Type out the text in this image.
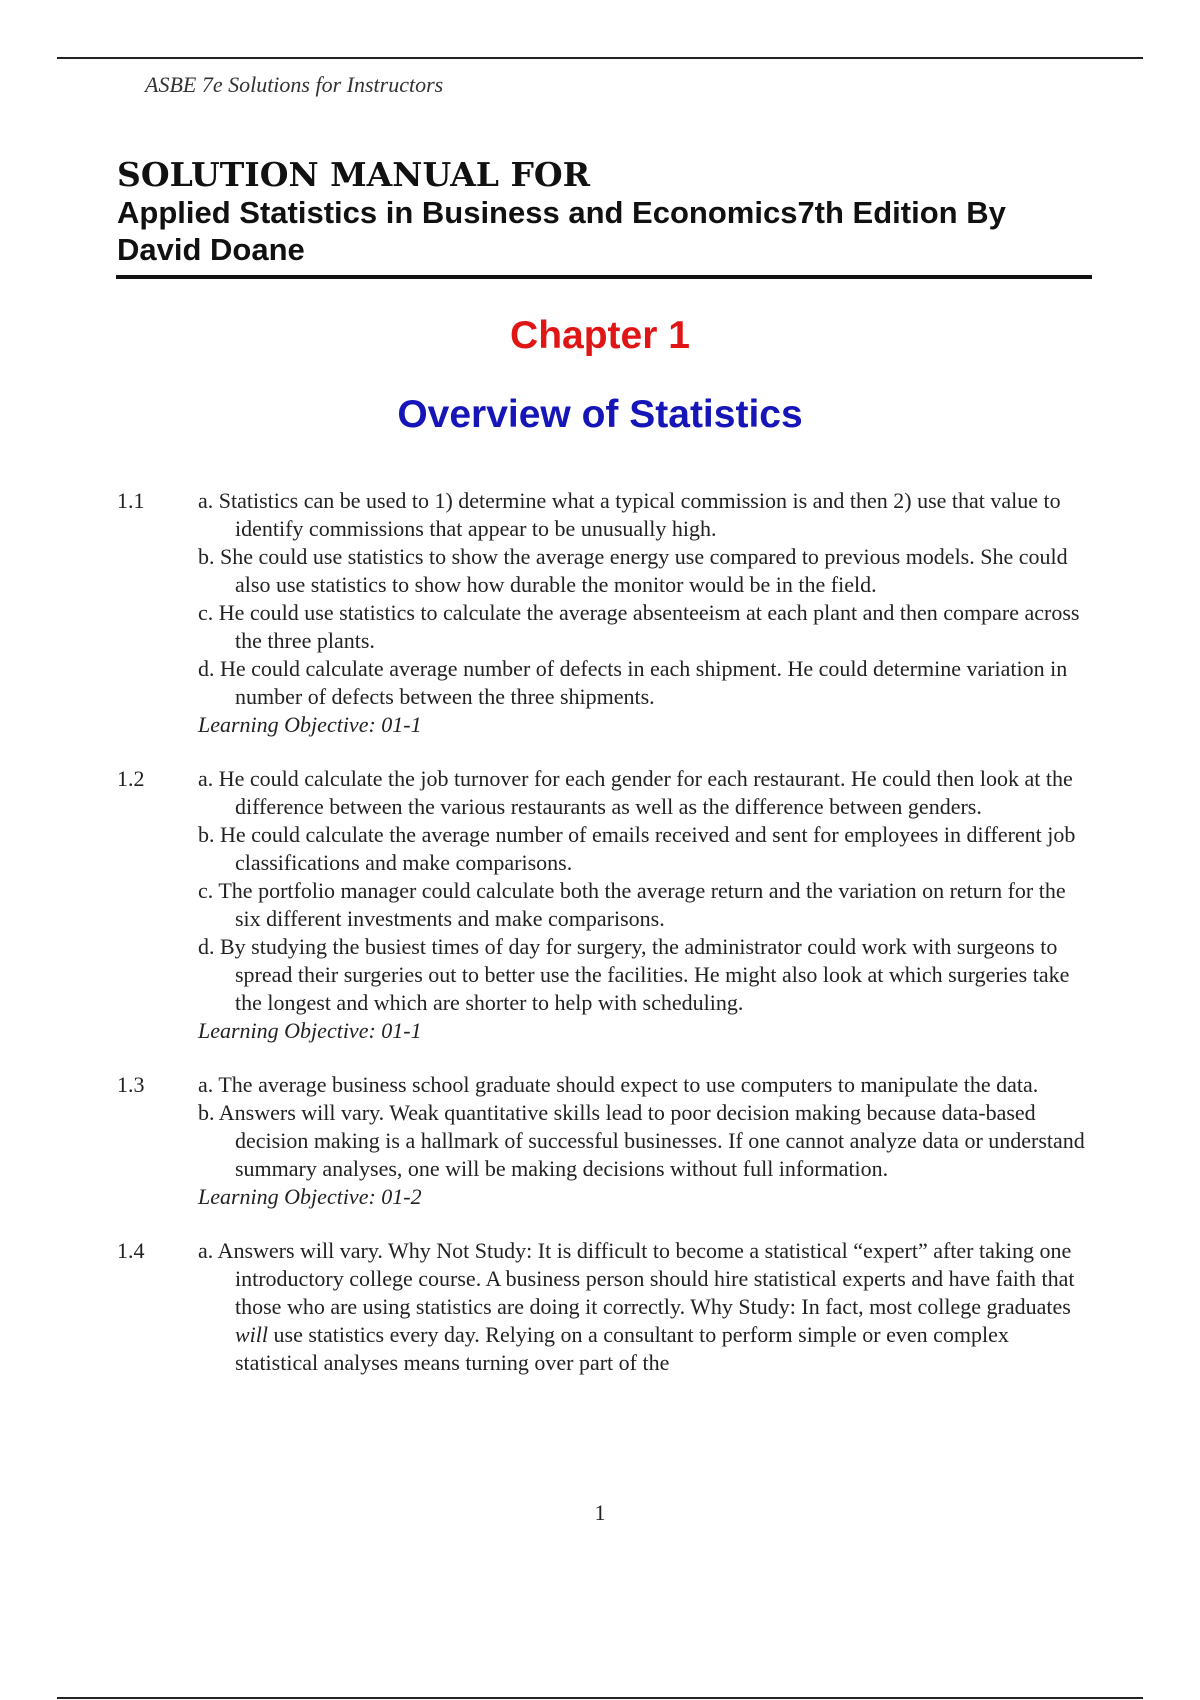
ASBE 7e Solutions for Instructors
SOLUTION MANUAL FOR
Applied Statistics in Business and Economics7th Edition By
David Doane
Chapter 1
Overview of Statistics
1.1 a. Statistics can be used to 1) determine what a typical commission is and then 2) use that value to identify commissions that appear to be unusually high.
b. She could use statistics to show the average energy use compared to previous models. She could also use statistics to show how durable the monitor would be in the field.
c. He could use statistics to calculate the average absenteeism at each plant and then compare across the three plants.
d. He could calculate average number of defects in each shipment. He could determine variation in number of defects between the three shipments.
Learning Objective: 01-1
1.2 a. He could calculate the job turnover for each gender for each restaurant. He could then look at the difference between the various restaurants as well as the difference between genders.
b. He could calculate the average number of emails received and sent for employees in different job classifications and make comparisons.
c. The portfolio manager could calculate both the average return and the variation on return for the six different investments and make comparisons.
d. By studying the busiest times of day for surgery, the administrator could work with surgeons to spread their surgeries out to better use the facilities. He might also look at which surgeries take the longest and which are shorter to help with scheduling.
Learning Objective: 01-1
1.3 a. The average business school graduate should expect to use computers to manipulate the data.
b. Answers will vary. Weak quantitative skills lead to poor decision making because data-based decision making is a hallmark of successful businesses. If one cannot analyze data or understand summary analyses, one will be making decisions without full information.
Learning Objective: 01-2
1.4 a. Answers will vary. Why Not Study: It is difficult to become a statistical “expert” after taking one introductory college course. A business person should hire statistical experts and have faith that those who are using statistics are doing it correctly. Why Study: In fact, most college graduates will use statistics every day. Relying on a consultant to perform simple or even complex statistical analyses means turning over part of the
1
